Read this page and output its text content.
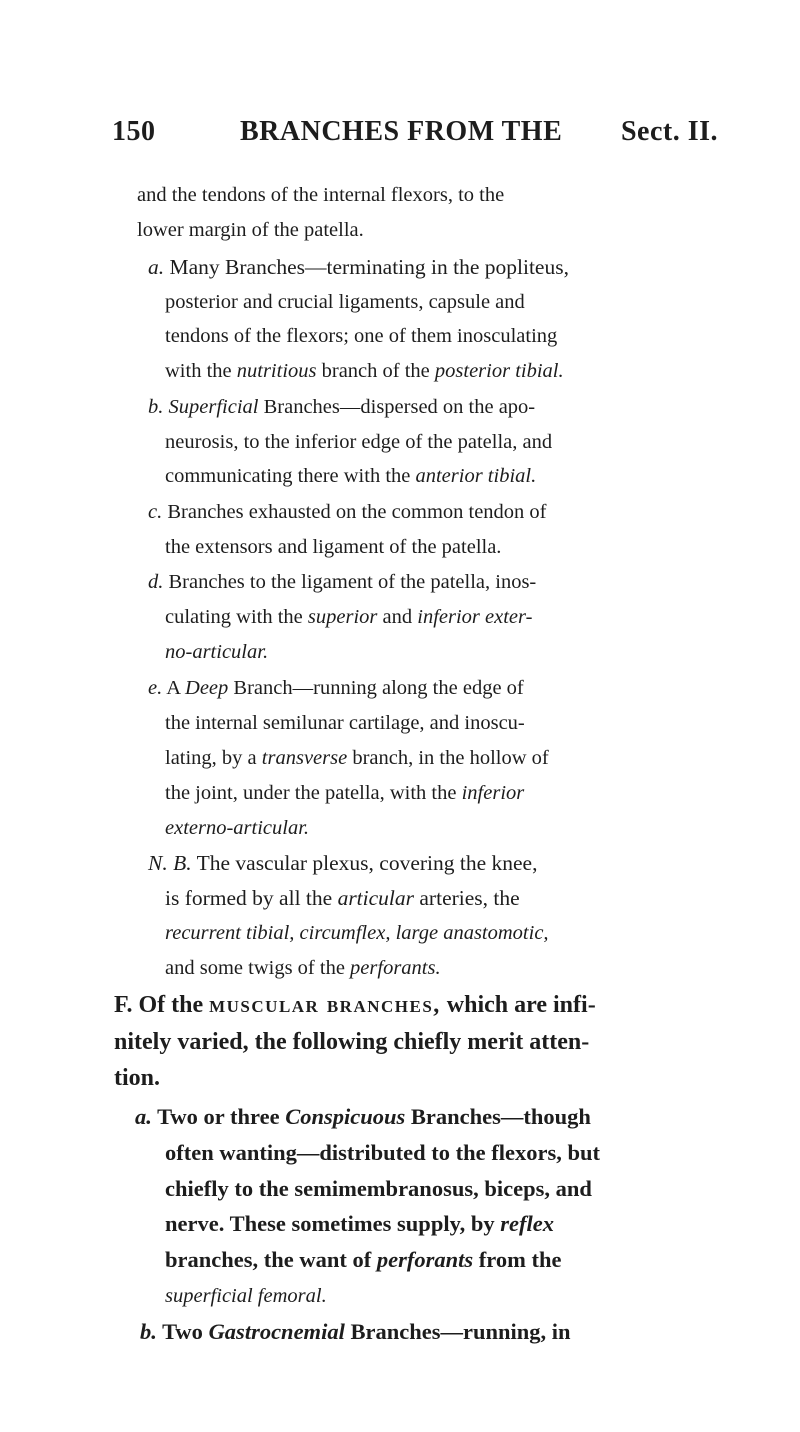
150	BRANCHES FROM THE Sect. II.
and the tendons of the internal flexors, to the
lower margin of the patella.
a. Many Branches—terminating in the popliteus,
posterior and crucial ligaments, capsule and
tendons of the flexors; one of them inosculating
with the nutritious branch of the posterior tibial.
b. Superficial Branches—dispersed on the apo-
neurosis, to the inferior edge of the patella, and
communicating there with the anterior tibial.
c. Branches exhausted on the common tendon of
the extensors and ligament of the patella.
d. Branches to the ligament of the patella, inos-
culating with the superior and inferior exter-
no-articular.
e. A Deep Branch—running along the edge of
the internal semilunar cartilage, and inoscu-
lating, by a transverse branch, in the hollow of
the joint, under the patella, with the inferior
externo-articular.
N. B. The vascular plexus, covering the knee,
is formed by all the articular arteries, the
recurrent tibial, circumflex, large anastomotic,
and some twigs of the perforants.
F. Of the muscular branches, which are infi-
nitely varied, the following chiefly merit atten-
tion.
a. Two or three Conspicuous Branches—though
often wanting—distributed to the flexors, but
chiefly to the semimembranosus, biceps, and
nerve. These sometimes supply, by reflex
branches, the want of perforants from the
superficial femoral.
b. Two Gastrocnemial Branches—running, in
